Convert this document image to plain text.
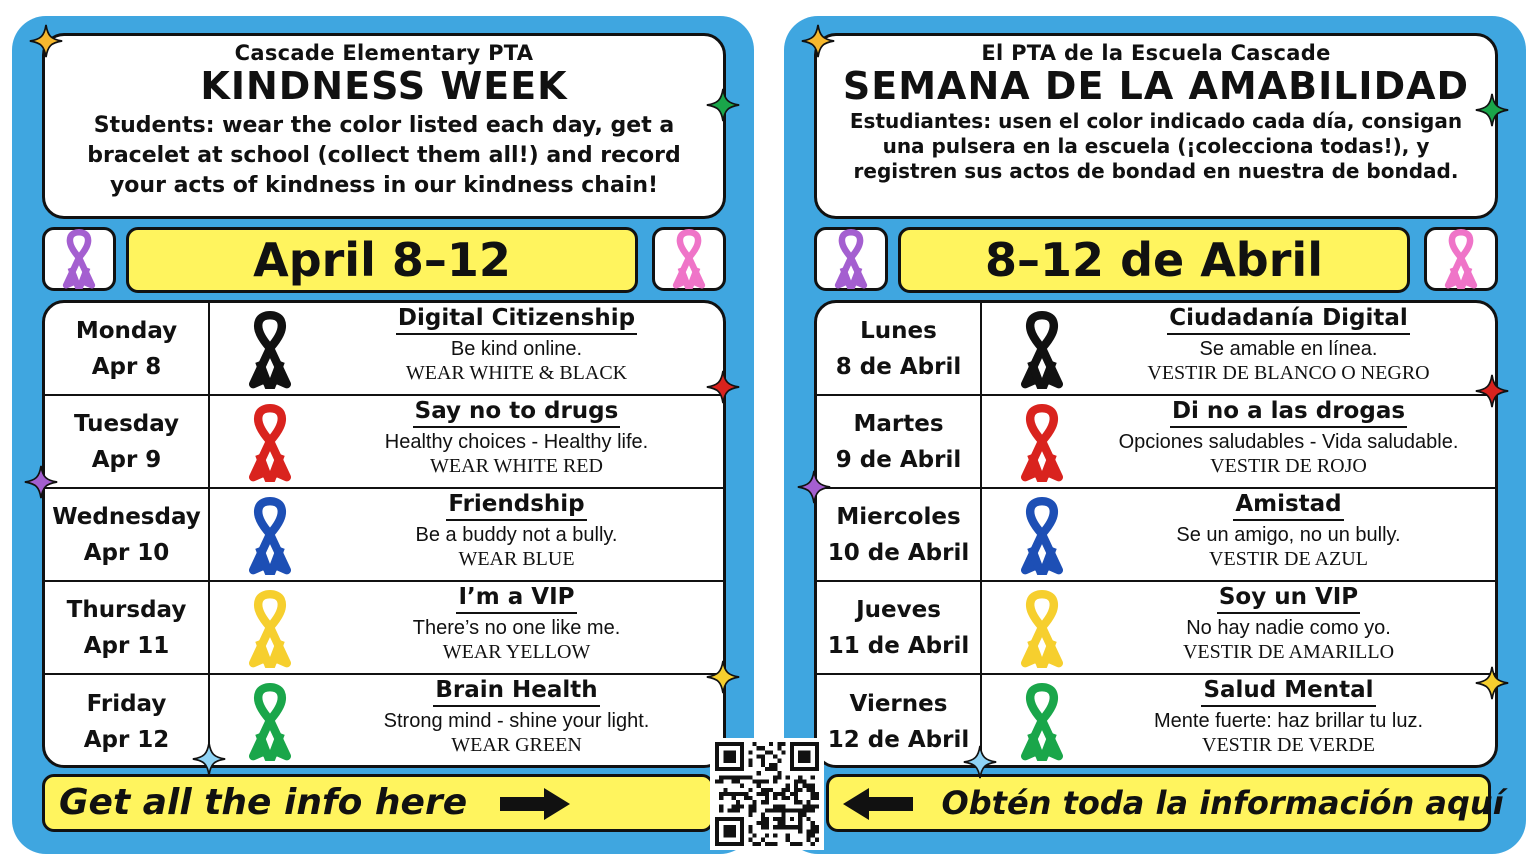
Cascade Elementary PTA
KINDNESS WEEK
Students: wear the color listed each day, get a bracelet at school (collect them all!) and record your acts of kindness in our kindness chain!
April 8–12
Monday
Apr 8
Digital Citizenship
Be kind online.
WEAR WHITE & BLACK
Tuesday
Apr 9
Say no to drugs
Healthy choices - Healthy life.
WEAR WHITE RED
Wednesday
Apr 10
Friendship
Be a buddy not a bully.
WEAR BLUE
Thursday
Apr 11
I’m a VIP
There’s no one like me.
WEAR YELLOW
Friday
Apr 12
Brain Health
Strong mind - shine your light.
WEAR GREEN
Get all the info here
El PTA de la Escuela Cascade
SEMANA DE LA AMABILIDAD
Estudiantes: usen el color indicado cada día, consigan una pulsera en la escuela (¡colecciona todas!), y registren sus actos de bondad en nuestra de bondad.
8–12 de Abril
Lunes
8 de Abril
Ciudadanía Digital
Se amable en línea.
VESTIR DE BLANCO O NEGRO
Martes
9 de Abril
Di no a las drogas
Opciones saludables - Vida saludable.
VESTIR DE ROJO
Miercoles
10 de Abril
Amistad
Se un amigo, no un bully.
VESTIR DE AZUL
Jueves
11 de Abril
Soy un VIP
No hay nadie como yo.
VESTIR DE AMARILLO
Viernes
12 de Abril
Salud Mental
Mente fuerte: haz brillar tu luz.
VESTIR DE VERDE
Obtén toda la información aquí
